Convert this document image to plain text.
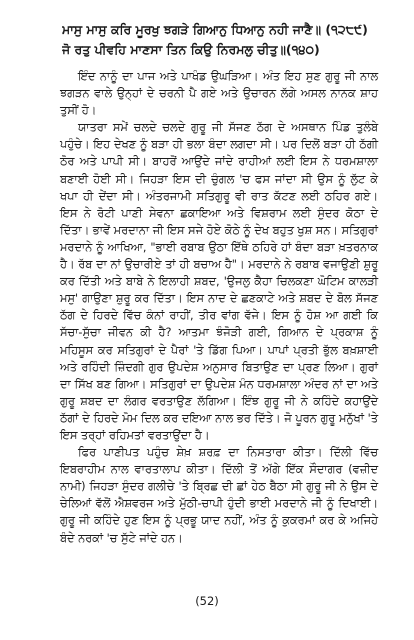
ਮਾਸੁ ਮਾਸੁ ਕਰਿ ਮੂਰਖੁ ਝਗੜੇ ਗਿਆਨੁ ਧਿਆਨੁ ਨਹੀ ਜਾਣੈ॥ (੧੨੮੯)
ਜੋ ਰਤੁ ਪੀਵਹਿ ਮਾਣਸਾ ਤਿਨ ਕਿਉ ਨਿਰਮਲੁ ਚੀਤੁ॥(੧੪੦)

ਇੰਦ ਨਾਨੂੰ ਦਾ ਪਾਜ ਅਤੇ ਪਾਖੰਡ ਉਘੜਿਆ। ਅੰਤ ਇਹ ਸੁਣ ਗੁਰੂ ਜੀ ਨਾਲ ਝਗੜਨ ਵਾਲੇ ਉਨ੍ਹਾਂ ਦੇ ਚਰਨੀ ਪੈ ਗਏ ਅਤੇ ਉਚਾਰਨ ਲੱਗੇ ਅਸਲ ਨਾਨਕ ਸ਼ਾਹ ਤੁਸੀਂ ਹੋ।

ਯਾਤਰਾ ਸਮੇਂ ਚਲਦੇ ਚਲਦੇ ਗੁਰੂ ਜੀ ਸੱਜਣ ਠੱਗ ਦੇ ਅਸਥਾਨ ਪਿੰਡ ਤੁਲੰਬੇ ਪਹੁੰਚੇ। ਇਹ ਦੇਖਣ ਨੂੰ ਬੜਾ ਹੀ ਭਲਾ ਬੰਦਾ ਲਗਦਾ ਸੀ। ਪਰ ਦਿਲੋਂ ਬੜਾ ਹੀ ਠੱਗੀ ਠੋਰ ਅਤੇ ਪਾਪੀ ਸੀ। ਬਾਹਰੋਂ ਆਉਂਦੇ ਜਾਂਦੇ ਰਾਹੀਆਂ ਲਈ ਇਸ ਨੇ ਧਰਮਸ਼ਾਲਾ ਬਣਾਈ ਹੋਈ ਸੀ। ਜਿਹੜਾ ਇਸ ਦੀ ਚੁੰਗਲ 'ਚ ਫਸ ਜਾਂਦਾ ਸੀ ਉਸ ਨੂੰ ਲੁੱਟ ਕੇ ਖਪਾ ਹੀ ਦੇਂਦਾ ਸੀ। ਅੰਤਰਜਾਮੀ ਸਤਿਗੁਰੂ ਵੀ ਰਾਤ ਕੱਟਣ ਲਈ ਠਹਿਰ ਗਏ। ਇਸ ਨੇ ਰੋਟੀ ਪਾਣੀ ਸੇਵਨਾ ਛਕਾਇਆ ਅਤੇ ਵਿਸ਼ਰਾਮ ਲਈ ਸੁੰਦਰ ਕੋਠਾ ਦੇ ਦਿੱਤਾ। ਭਾਵੇਂ ਮਰਦਾਨਾ ਜੀ ਇਸ ਸਜੇ ਹੋਏ ਕੋਠੇ ਨੂੰ ਦੇਖ ਬਹੁਤ ਖੁਸ਼ ਸਨ। ਸਤਿਗੁਰਾਂ ਮਰਦਾਨੇ ਨੂੰ ਆਖਿਆ, "ਭਾਈ ਰਬਾਬ ਉਠਾ ਇੱਥੇ ਠਹਿਰੇ ਹਾਂ ਬੰਦਾ ਬੜਾ ਖ਼ਤਰਨਾਕ ਹੈ। ਰੱਬ ਦਾ ਨਾਂ ਉਚਾਰੀਏ ਤਾਂ ਹੀ ਬਚਾਅ ਹੈ"। ਮਰਦਾਨੇ ਨੇ ਰਬਾਬ ਵਜਾਉਣੀ ਸ਼ੁਰੂ ਕਰ ਦਿੱਤੀ ਅਤੇ ਬਾਬੇ ਨੇ ਇਲਾਹੀ ਸ਼ਬਦ, 'ਉਜਲੁ ਕੈਹਾ ਚਿਲਕਣਾ ਘੋਟਿਮ ਕਾਲੜੀ ਮਸੁ' ਗਾਉਣਾ ਸ਼ੁਰੂ ਕਰ ਦਿੱਤਾ। ਇਸ ਨਾਦ ਦੇ ਛਣਕਾਟੇ ਅਤੇ ਸ਼ਬਦ ਦੇ ਬੋਲ ਸੱਜਣ ਠੱਗ ਦੇ ਹਿਰਦੇ ਵਿੱਚ ਕੰਨਾਂ ਰਾਹੀਂ, ਤੀਰ ਵਾਂਗ ਵੱਜੇ। ਇਸ ਨੂੰ ਹੋਸ਼ ਆ ਗਈ ਕਿ ਸੱਚਾ-ਸੁੱਚਾ ਜੀਵਨ ਕੀ ਹੈ? ਆਤਮਾ ਝੰਜੋੜੀ ਗਈ, ਗਿਆਨ ਦੇ ਪ੍ਰਕਾਸ਼ ਨੂੰ ਮਹਿਸੂਸ ਕਰ ਸਤਿਗੁਰਾਂ ਦੇ ਪੈਰਾਂ 'ਤੇ ਡਿੱਗ ਪਿਆ। ਪਾਪਾਂ ਪ੍ਰਤੀ ਭੁੱਲ ਬਖ਼ਸ਼ਾਈ ਅਤੇ ਰਹਿੰਦੀ ਜ਼ਿੰਦਗੀ ਗੁਰ ਉਪਦੇਸ਼ ਅਨੁਸਾਰ ਬਿਤਾਉਣ ਦਾ ਪ੍ਰਣ ਲਿਆ। ਗੁਰਾਂ ਦਾ ਸਿੱਖ ਬਣ ਗਿਆ। ਸਤਿਗੁਰਾਂ ਦਾ ਉਪਦੇਸ਼ ਮੰਨ ਧਰਮਸ਼ਾਲਾ ਅੰਦਰ ਨਾਂ ਦਾ ਅਤੇ ਗੁਰੂ ਸ਼ਬਦ ਦਾ ਲੰਗਰ ਵਰਤਾਉਣ ਲੱਗਿਆ। ਇੰਝ ਗੁਰੂ ਜੀ ਨੇ ਕਹਿੰਦੇ ਕਹਾਉਂਦੇ ਠੱਗਾਂ ਦੇ ਹਿਰਦੇ ਮੋਮ ਦਿਲ ਕਰ ਦਇਆ ਨਾਲ ਭਰ ਦਿੱਤੇ। ਜੋ ਪੂਰਨ ਗੁਰੂ ਮਨੁੱਖਾਂ 'ਤੇ ਇਸ ਤਰ੍ਹਾਂ ਰਹਿਮਤਾਂ ਵਰਤਾਉਂਦਾ ਹੈ।

ਫਿਰ ਪਾਣੀਪਤ ਪਹੁੰਚ ਸ਼ੇਖ਼ ਸ਼ਰਫ਼ ਦਾ ਨਿਸਤਾਰਾ ਕੀਤਾ। ਦਿੱਲੀ ਵਿੱਚ ਇਬਰਾਹੀਮ ਨਾਲ ਵਾਰਤਾਲਾਪ ਕੀਤਾ। ਦਿੱਲੀ ਤੋਂ ਅੱਗੇ ਇੱਕ ਸੌਦਾਗਰ (ਵਜ਼ੀਦ ਨਾਮੀ) ਜਿਹੜਾ ਸੁੰਦਰ ਗਲੀਚੇ 'ਤੇ ਬ੍ਰਿਛ ਦੀ ਛਾਂ ਹੇਠ ਬੈਠਾ ਸੀ ਗੁਰੂ ਜੀ ਨੇ ਉਸ ਦੇ ਚੇਲਿਆਂ ਵੱਲੋਂ ਐਸ਼ਵਰਜ ਅਤੇ ਮੁੱਠੀ-ਚਾਪੀ ਹੁੰਦੀ ਭਾਈ ਮਰਦਾਨੇ ਜੀ ਨੂੰ ਦਿਖਾਈ। ਗੁਰੂ ਜੀ ਕਹਿੰਦੇ ਹੁਣ ਇਸ ਨੂੰ ਪ੍ਰਭੂ ਯਾਦ ਨਹੀਂ, ਅੰਤ ਨੂੰ ਕੁਕਰਮਾਂ ਕਰ ਕੇ ਅਜਿਹੇ ਬੰਦੇ ਨਰਕਾਂ 'ਚ ਸੁੱਟੇ ਜਾਂਦੇ ਹਨ।

(52)
